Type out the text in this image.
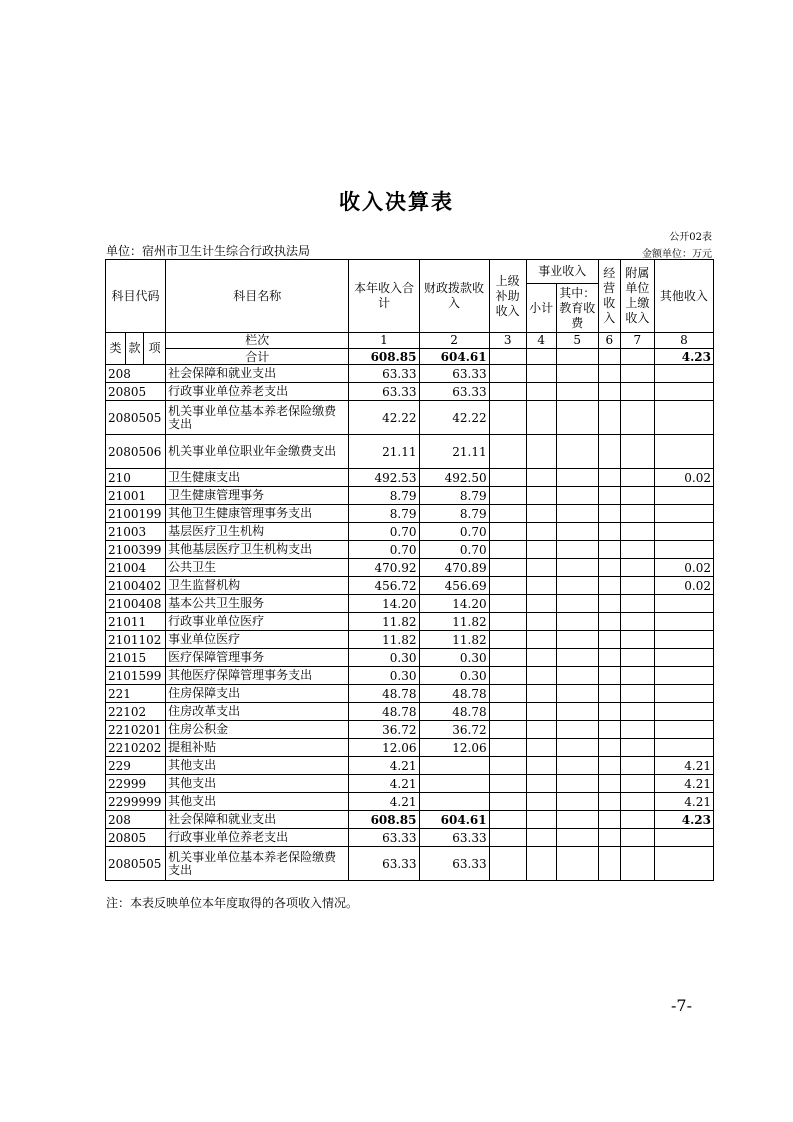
收入决算表
公开02表
单位：宿州市卫生计生综合行政执法局	金额单位：万元
科目代码			科目名称	本年收入合计	财政拨款收入	上级补助收入	事业收入		经营收入	附属单位上缴收入	其他收入
							小计	其中：教育收费			

类	款	项	栏次	1	2	3	4	5	6	7	8
			合计	608.85	604.61						4.23
208			社会保障和就业支出	63.33	63.33						
20805			行政事业单位养老支出	63.33	63.33						
2080505			机关事业单位基本养老保险缴费支出	42.22	42.22						
2080506			机关事业单位职业年金缴费支出	21.11	21.11						
210			卫生健康支出	492.53	492.50						0.02
21001			卫生健康管理事务	8.79	8.79						
2100199			其他卫生健康管理事务支出	8.79	8.79						
21003			基层医疗卫生机构	0.70	0.70						
2100399			其他基层医疗卫生机构支出	0.70	0.70						
21004			公共卫生	470.92	470.89						0.02
2100402			卫生监督机构	456.72	456.69						0.02
2100408			基本公共卫生服务	14.20	14.20						
21011			行政事业单位医疗	11.82	11.82						
2101102			事业单位医疗	11.82	11.82						
21015			医疗保障管理事务	0.30	0.30						
2101599			其他医疗保障管理事务支出	0.30	0.30						
221			住房保障支出	48.78	48.78						
22102			住房改革支出	48.78	48.78						
2210201			住房公积金	36.72	36.72						
2210202			提租补贴	12.06	12.06						
229			其他支出	4.21							4.21
22999			其他支出	4.21							4.21
2299999			其他支出	4.21							4.21
208			社会保障和就业支出	608.85	604.61						4.23
20805			行政事业单位养老支出	63.33	63.33						
2080505			机关事业单位基本养老保险缴费支出	63.33	63.33						
注：本表反映单位本年度取得的各项收入情况。
-7-
